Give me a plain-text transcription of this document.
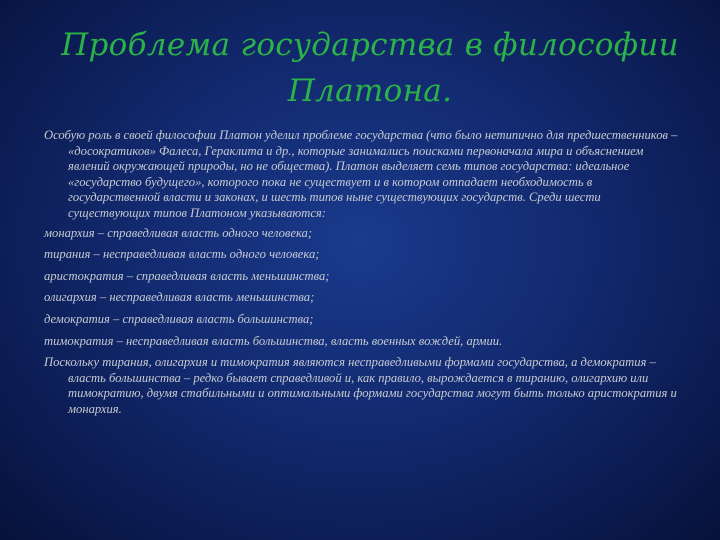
Проблема государства в философии
Платона.

Особую роль в своей философии Платон уделил проблеме государства (что было нетипично для предшественников – «досократиков» Фалеса, Гераклита и др., которые занимались поисками первоначала мира и объяснением явлений окружающей природы, но не общества). Платон выделяет семь типов государства: идеальное «государство будущего», которого пока не существует и в котором отпадает необходимость в государственной власти и законах, и шесть типов ныне существующих государств. Среди шести существующих типов Платоном указываются:

монархия – справедливая власть одного человека;

тирания – несправедливая власть одного человека;

аристократия – справедливая власть меньшинства;

олигархия – несправедливая власть меньшинства;

демократия – справедливая власть большинства;

тимократия – несправедливая власть большинства, власть военных вождей, армии.

Поскольку тирания, олигархия и тимократия являются несправедливыми формами государства, а демократия – власть большинства – редко бывает справедливой и, как правило, вырождается в тиранию, олигархию или тимократию, двумя стабильными и оптимальными формами государства могут быть только аристократия и монархия.
